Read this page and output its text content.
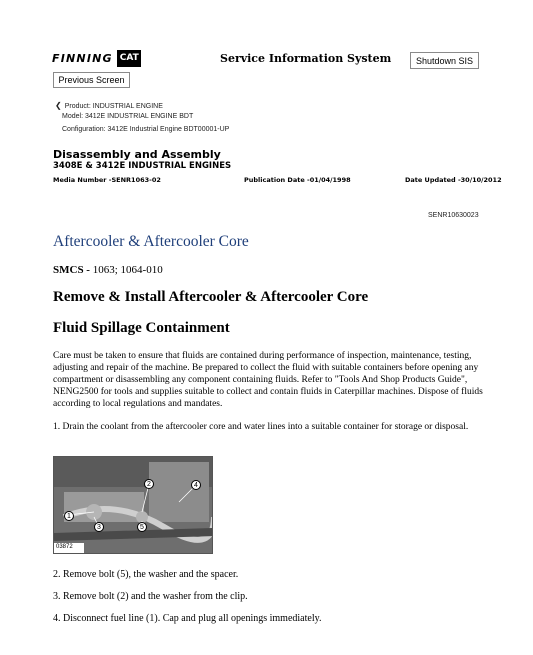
FINNING CAT	Service Information System	Shutdown SIS
Previous Screen
❮ Product: INDUSTRIAL ENGINE
Model: 3412E INDUSTRIAL ENGINE BDT
Configuration: 3412E Industrial Engine BDT00001-UP
Disassembly and Assembly
3408E & 3412E INDUSTRIAL ENGINES
Media Number -SENR1063-02	Publication Date -01/04/1998	Date Updated -30/10/2012
SENR10630023
Aftercooler & Aftercooler Core
SMCS - 1063; 1064-010
Remove & Install Aftercooler & Aftercooler Core
Fluid Spillage Containment
Care must be taken to ensure that fluids are contained during performance of inspection, maintenance, testing, adjusting and repair of the machine. Be prepared to collect the fluid with suitable containers before opening any compartment or disassembling any component containing fluids. Refer to "Tools And Shop Products Guide", NENG2500 for tools and supplies suitable to collect and contain fluids in Caterpillar machines. Dispose of fluids according to local regulations and mandates.
1. Drain the coolant from the aftercooler core and water lines into a suitable container for storage or disposal.
1
2
3
4
5
03872
2. Remove bolt (5), the washer and the spacer.
3. Remove bolt (2) and the washer from the clip.
4. Disconnect fuel line (1). Cap and plug all openings immediately.
